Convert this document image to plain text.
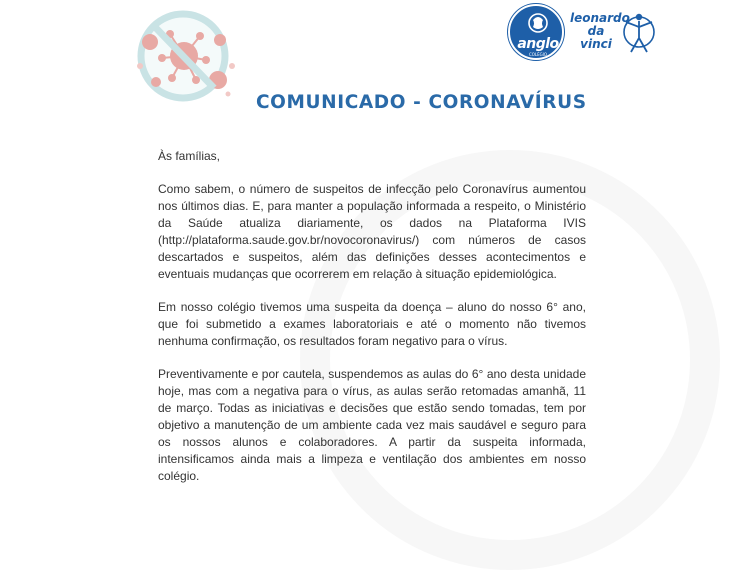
anglo
COLÉGIO
leonardo
da vinci
COMUNICADO - CORONAVÍRUS

Às famílias,

Como sabem, o número de suspeitos de infecção pelo Coronavírus aumentou nos últimos dias. E, para manter a população informada a respeito, o Ministério da Saúde atualiza diariamente, os dados na Plataforma IVIS (http://plataforma.saude.gov.br/novocoronavirus/) com números de casos descartados e suspeitos, além das definições desses acontecimentos e eventuais mudanças que ocorrerem em relação à situação epidemiológica.

Em nosso colégio tivemos uma suspeita da doença – aluno do nosso 6° ano, que foi submetido a exames laboratoriais e até o momento não tivemos nenhuma confirmação, os resultados foram negativo para o vírus.

Preventivamente e por cautela, suspendemos as aulas do 6° ano desta unidade hoje, mas com a negativa para o vírus, as aulas serão retomadas amanhã, 11 de março. Todas as iniciativas e decisões que estão sendo tomadas, tem por objetivo a manutenção de um ambiente cada vez mais saudável e seguro para os nossos alunos e colaboradores. A partir da suspeita informada, intensificamos ainda mais a limpeza e ventilação dos ambientes em nosso colégio.
